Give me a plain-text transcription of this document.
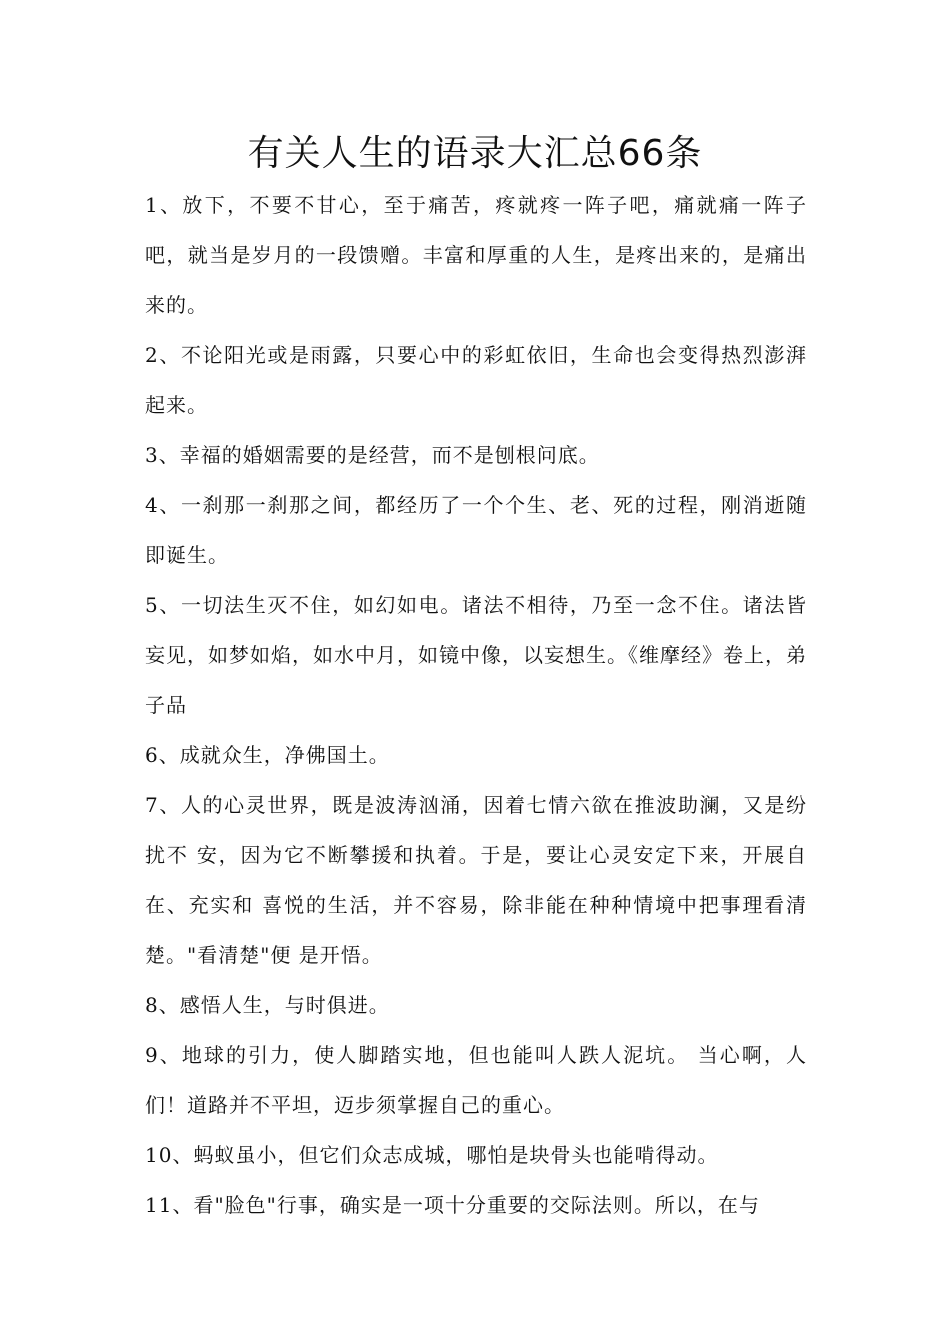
有关人生的语录大汇总66条

1、放下，不要不甘心，至于痛苦，疼就疼一阵子吧，痛就痛一阵子吧，就当是岁月的一段馈赠。丰富和厚重的人生，是疼出来的，是痛出来的。

2、不论阳光或是雨露，只要心中的彩虹依旧，生命也会变得热烈澎湃起来。

3、幸福的婚姻需要的是经营，而不是刨根问底。

4、一刹那一刹那之间，都经历了一个个生、老、死的过程，刚消逝随即诞生。

5、一切法生灭不住，如幻如电。诸法不相待，乃至一念不住。诸法皆妄见，如梦如焰，如水中月，如镜中像，以妄想生。《维摩经》卷上，弟子品

6、成就众生，净佛国土。

7、人的心灵世界，既是波涛汹涌，因着七情六欲在推波助澜，又是纷扰不 安，因为它不断攀援和执着。于是，要让心灵安定下来，开展自在、充实和 喜悦的生活，并不容易，除非能在种种情境中把事理看清楚。"看清楚"便 是开悟。

8、感悟人生，与时俱进。

9、地球的引力，使人脚踏实地，但也能叫人跌人泥坑。 当心啊，人们！道路并不平坦，迈步须掌握自己的重心。

10、蚂蚁虽小，但它们众志成城，哪怕是块骨头也能啃得动。

11、看"脸色"行事，确实是一项十分重要的交际法则。所以，在与
